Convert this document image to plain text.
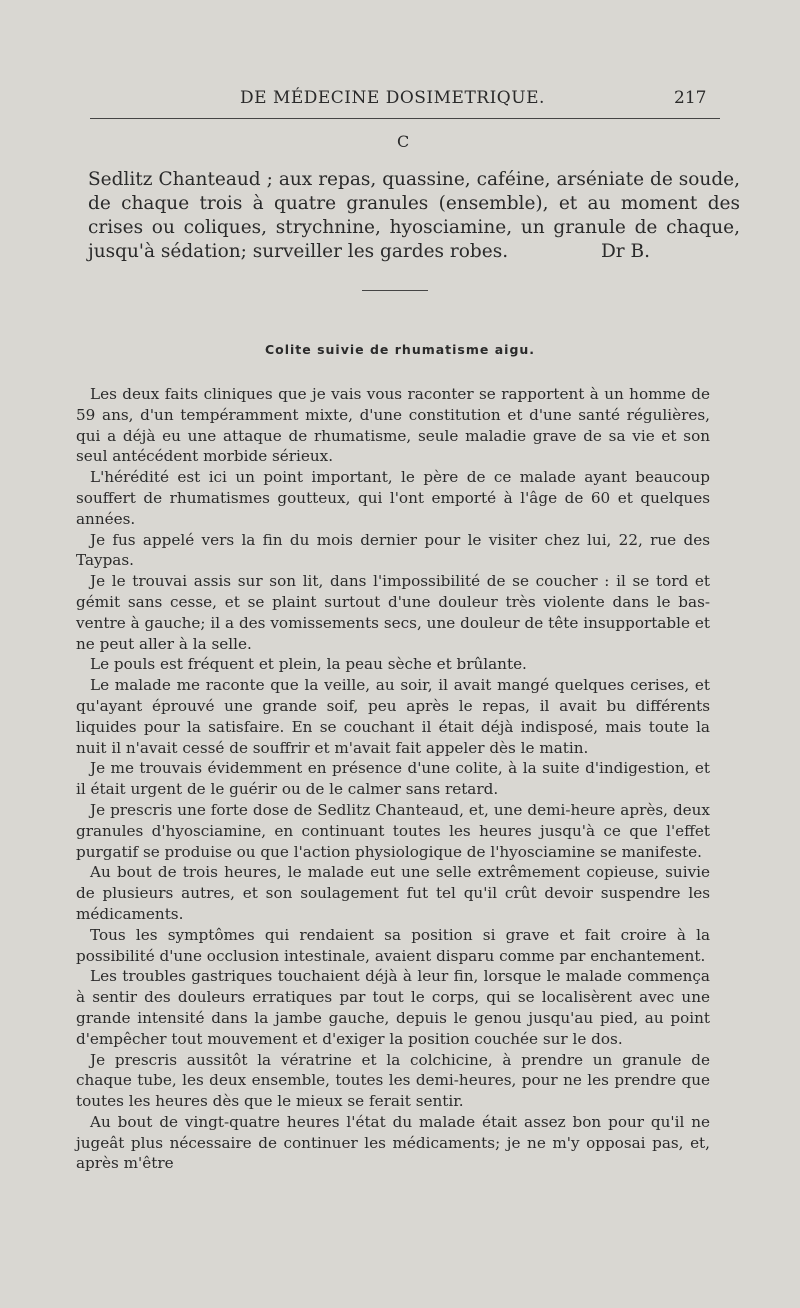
DE MÉDECINE DOSIMETRIQUE.	217
C

Sedlitz Chanteaud ; aux repas, quassine, caféine, arséniate de soude, de chaque trois à quatre granules (ensemble), et au moment des crises ou coliques, strychnine, hyosciamine, un granule de chaque, jusqu'à sédation; surveiller les gardes robes.	Dr B.
Colite suivie de rhumatisme aigu.

Les deux faits cliniques que je vais vous raconter se rapportent à un homme de 59 ans, d'un tempéramment mixte, d'une constitution et d'une santé régulières, qui a déjà eu une attaque de rhumatisme, seule maladie grave de sa vie et son seul antécédent morbide sérieux.

L'hérédité est ici un point important, le père de ce malade ayant beaucoup souffert de rhumatismes goutteux, qui l'ont emporté à l'âge de 60 et quelques années.

Je fus appelé vers la fin du mois dernier pour le visiter chez lui, 22, rue des Taypas.

Je le trouvai assis sur son lit, dans l'impossibilité de se coucher : il se tord et gémit sans cesse, et se plaint surtout d'une douleur très violente dans le bas-ventre à gauche; il a des vomissements secs, une douleur de tête insupportable et ne peut aller à la selle.

Le pouls est fréquent et plein, la peau sèche et brûlante.

Le malade me raconte que la veille, au soir, il avait mangé quelques cerises, et qu'ayant éprouvé une grande soif, peu après le repas, il avait bu différents liquides pour la satisfaire. En se couchant il était déjà indisposé, mais toute la nuit il n'avait cessé de souffrir et m'avait fait appeler dès le matin.

Je me trouvais évidemment en présence d'une colite, à la suite d'indigestion, et il était urgent de le guérir ou de le calmer sans retard.

Je prescris une forte dose de Sedlitz Chanteaud, et, une demi-heure après, deux granules d'hyosciamine, en continuant toutes les heures jusqu'à ce que l'effet purgatif se produise ou que l'action physiologique de l'hyosciamine se manifeste.

Au bout de trois heures, le malade eut une selle extrêmement copieuse, suivie de plusieurs autres, et son soulagement fut tel qu'il crût devoir suspendre les médicaments.

Tous les symptômes qui rendaient sa position si grave et fait croire à la possibilité d'une occlusion intestinale, avaient disparu comme par enchantement.

Les troubles gastriques touchaient déjà à leur fin, lorsque le malade commença à sentir des douleurs erratiques par tout le corps, qui se localisèrent avec une grande intensité dans la jambe gauche, depuis le genou jusqu'au pied, au point d'empêcher tout mouvement et d'exiger la position couchée sur le dos.

Je prescris aussitôt la vératrine et la colchicine, à prendre un granule de chaque tube, les deux ensemble, toutes les demi-heures, pour ne les prendre que toutes les heures dès que le mieux se ferait sentir.

Au bout de vingt-quatre heures l'état du malade était assez bon pour qu'il ne jugeât plus nécessaire de continuer les médicaments; je ne m'y opposai pas, et, après m'être
